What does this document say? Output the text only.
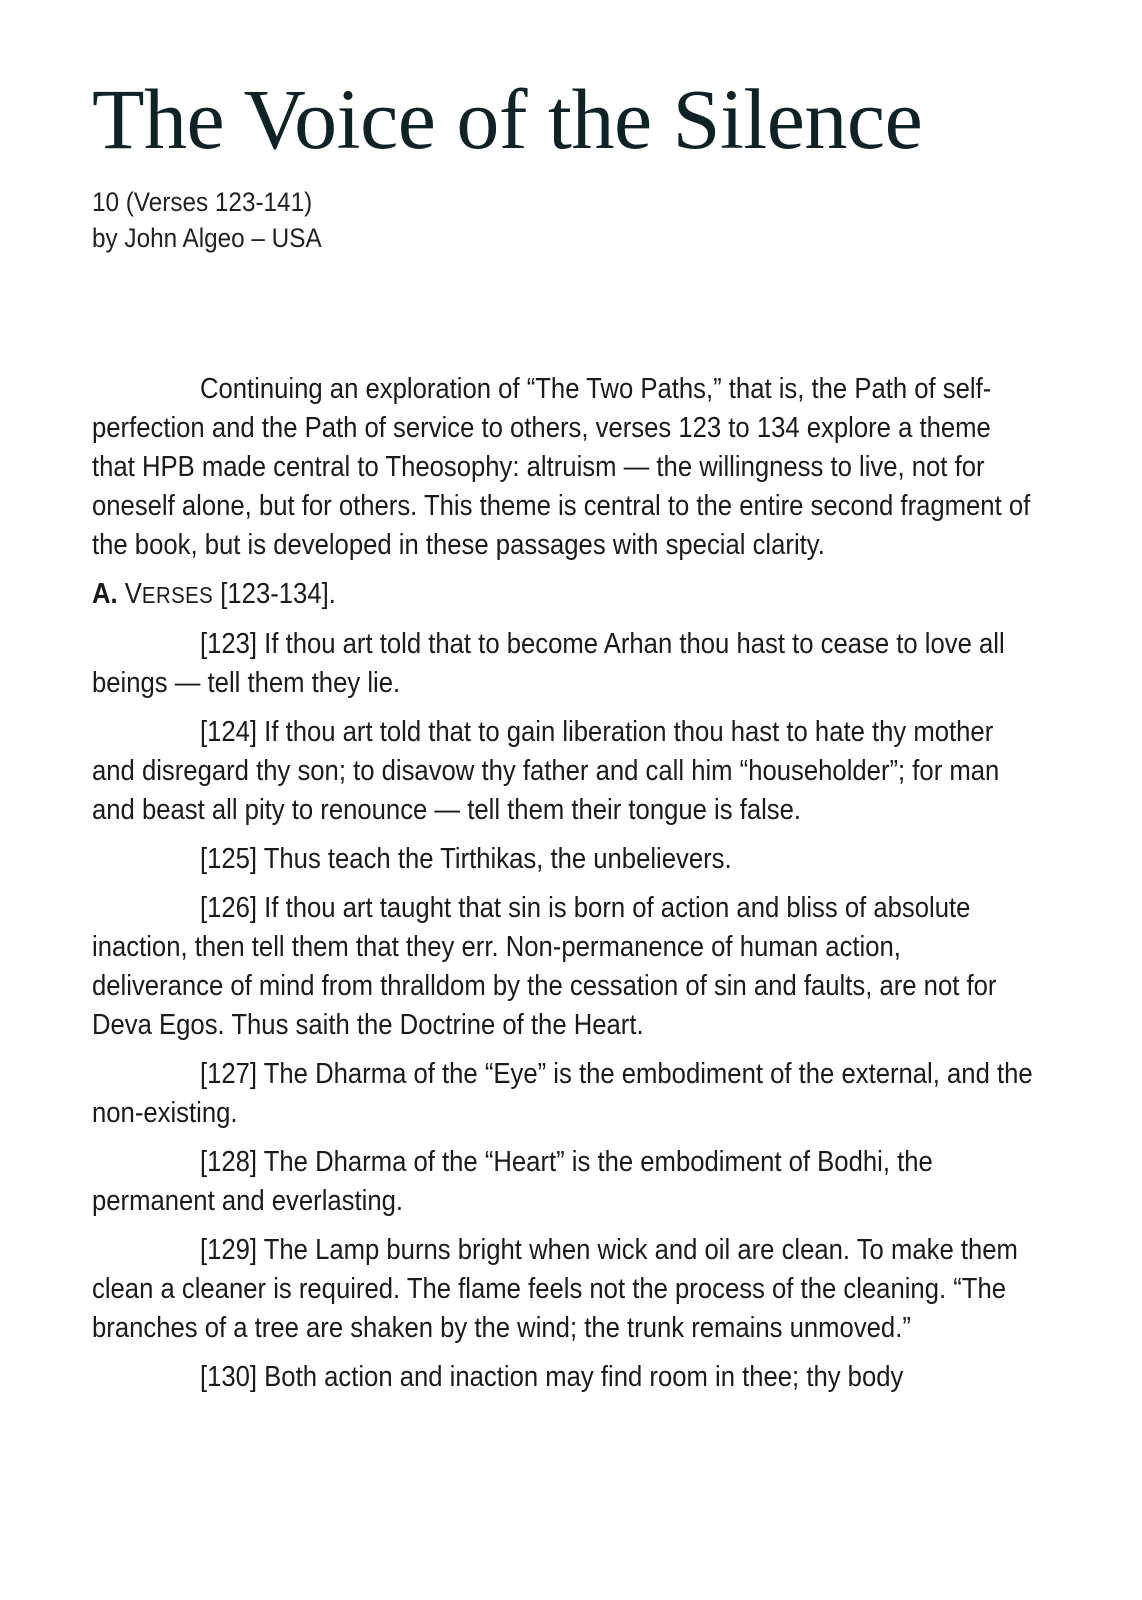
The Voice of the Silence
10 (Verses 123-141)
by John Algeo – USA

Continuing an exploration of “The Two Paths,” that is, the Path of self-perfection and the Path of service to others, verses 123 to 134 explore a theme that HPB made central to Theosophy: altruism — the willingness to live, not for oneself alone, but for others. This theme is central to the entire second fragment of the book, but is developed in these passages with special clarity.

A. VERSES [123-134].

[123] If thou art told that to become Arhan thou hast to cease to love all beings — tell them they lie.

[124] If thou art told that to gain liberation thou hast to hate thy mother and disregard thy son; to disavow thy father and call him “householder”; for man and beast all pity to renounce — tell them their tongue is false.

[125] Thus teach the Tirthikas, the unbelievers.

[126] If thou art taught that sin is born of action and bliss of absolute inaction, then tell them that they err. Non-permanence of human action, deliverance of mind from thralldom by the cessation of sin and faults, are not for Deva Egos. Thus saith the Doctrine of the Heart.

[127] The Dharma of the “Eye” is the embodiment of the external, and the non-existing.

[128] The Dharma of the “Heart” is the embodiment of Bodhi, the permanent and everlasting.

[129] The Lamp burns bright when wick and oil are clean. To make them clean a cleaner is required. The flame feels not the process of the cleaning. “The branches of a tree are shaken by the wind; the trunk remains unmoved.”

[130] Both action and inaction may find room in thee; thy body
